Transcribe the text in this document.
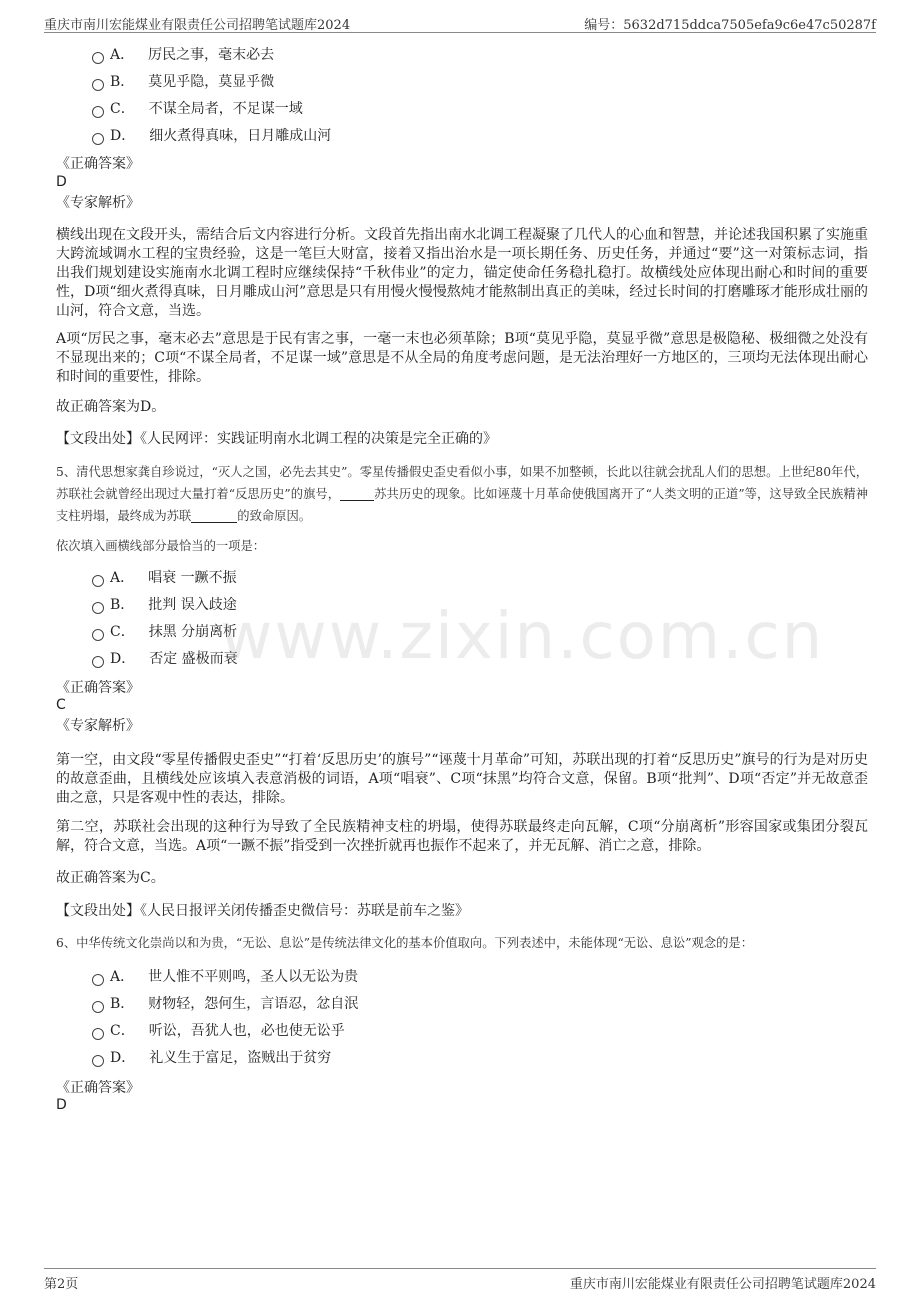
重庆市南川宏能煤业有限责任公司招聘笔试题库2024	编号：5632d715ddca7505efa9c6e47c50287f
A． 厉民之事，毫末必去
B． 莫见乎隐，莫显乎微
C． 不谋全局者，不足谋一域
D． 细火煮得真味，日月雕成山河
《正确答案》
D
《专家解析》
横线出现在文段开头，需结合后文内容进行分析。文段首先指出南水北调工程凝聚了几代人的心血和智慧，并论述我国积累了实施重大跨流域调水工程的宝贵经验，这是一笔巨大财富，接着又指出治水是一项长期任务、历史任务，并通过“要”这一对策标志词，指出我们规划建设实施南水北调工程时应继续保持“千秋伟业”的定力，锚定使命任务稳扎稳打。故横线处应体现出耐心和时间的重要性，D项“细火煮得真味，日月雕成山河”意思是只有用慢火慢慢熬炖才能熬制出真正的美味，经过长时间的打磨雕琢才能形成壮丽的山河，符合文意，当选。
A项“厉民之事，毫末必去”意思是于民有害之事，一毫一末也必须革除；B项“莫见乎隐，莫显乎微”意思是极隐秘、极细微之处没有不显现出来的；C项“不谋全局者，不足谋一域”意思是不从全局的角度考虑问题，是无法治理好一方地区的，三项均无法体现出耐心和时间的重要性，排除。
故正确答案为D。
【文段出处】《人民网评：实践证明南水北调工程的决策是完全正确的》
5、清代思想家龚自珍说过，“灭人之国，必先去其史”。零星传播假史歪史看似小事，如果不加整顿，长此以往就会扰乱人们的思想。上世纪80年代，苏联社会就曾经出现过大量打着“反思历史”的旗号，	苏共历史的现象。比如诬蔑十月革命使俄国离开了“人类文明的正道”等，这导致全民族精神支柱坍塌，最终成为苏联	的致命原因。
依次填入画横线部分最恰当的一项是：
A． 唱衰 一蹶不振
B． 批判 误入歧途
C． 抹黑 分崩离析
D． 否定 盛极而衰
《正确答案》
C
《专家解析》
第一空，由文段“零星传播假史歪史”“打着‘反思历史’的旗号”“诬蔑十月革命”可知，苏联出现的打着“反思历史”旗号的行为是对历史的故意歪曲，且横线处应该填入表意消极的词语，A项“唱衰”、C项“抹黑”均符合文意，保留。B项“批判”、D项“否定”并无故意歪曲之意，只是客观中性的表达，排除。
第二空，苏联社会出现的这种行为导致了全民族精神支柱的坍塌，使得苏联最终走向瓦解，C项“分崩离析”形容国家或集团分裂瓦解，符合文意，当选。A项“一蹶不振”指受到一次挫折就再也振作不起来了，并无瓦解、消亡之意，排除。
故正确答案为C。
【文段出处】《人民日报评关闭传播歪史微信号：苏联是前车之鉴》
6、中华传统文化崇尚以和为贵，“无讼、息讼”是传统法律文化的基本价值取向。下列表述中，未能体现“无讼、息讼”观念的是：
A． 世人惟不平则鸣，圣人以无讼为贵
B． 财物轻，怨何生，言语忍，忿自泯
C． 听讼，吾犹人也，必也使无讼乎
D． 礼义生于富足，盗贼出于贫穷
《正确答案》
D
www.zixin.com.cn
第2页	重庆市南川宏能煤业有限责任公司招聘笔试题库2024
